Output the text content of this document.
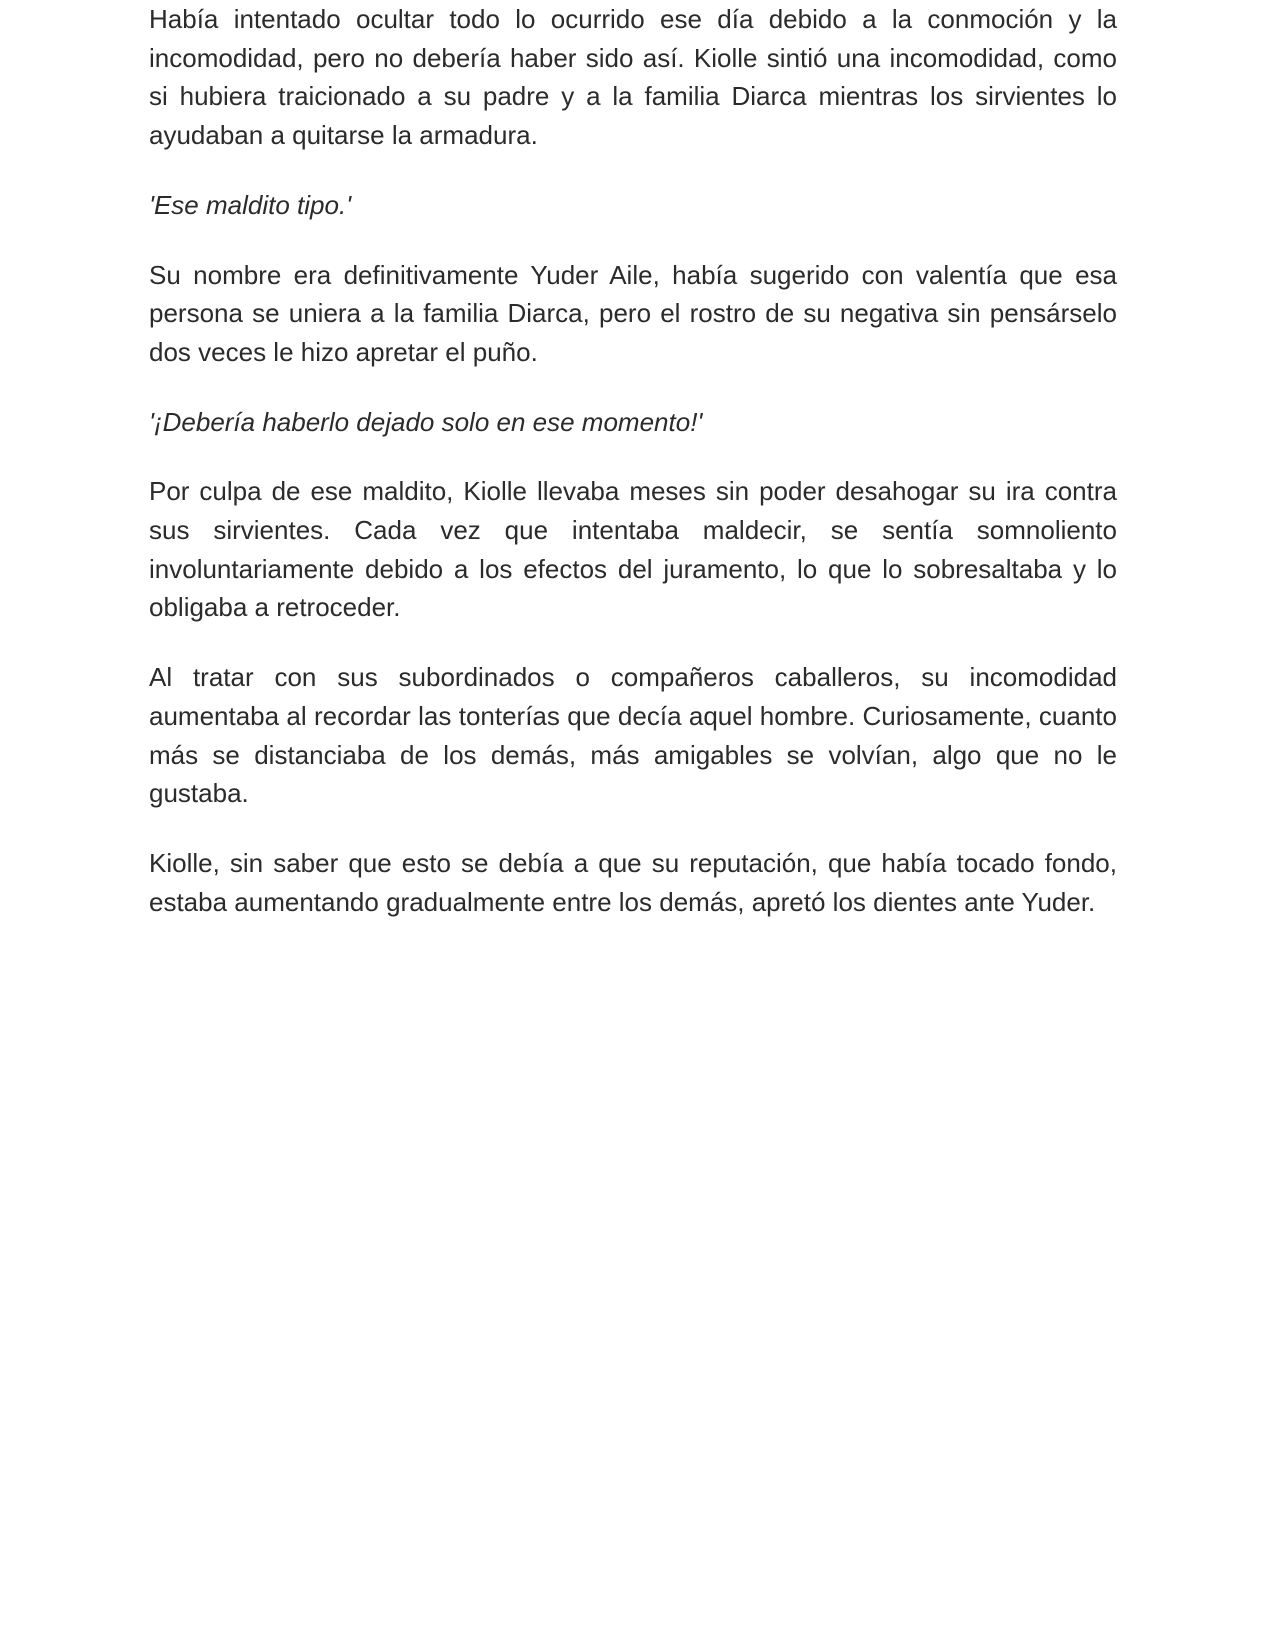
Había intentado ocultar todo lo ocurrido ese día debido a la conmoción y la incomodidad, pero no debería haber sido así. Kiolle sintió una incomodidad, como si hubiera traicionado a su padre y a la familia Diarca mientras los sirvientes lo ayudaban a quitarse la armadura.

'Ese maldito tipo.'

Su nombre era definitivamente Yuder Aile, había sugerido con valentía que esa persona se uniera a la familia Diarca, pero el rostro de su negativa sin pensárselo dos veces le hizo apretar el puño.

'¡Debería haberlo dejado solo en ese momento!'

Por culpa de ese maldito, Kiolle llevaba meses sin poder desahogar su ira contra sus sirvientes. Cada vez que intentaba maldecir, se sentía somnoliento involuntariamente debido a los efectos del juramento, lo que lo sobresaltaba y lo obligaba a retroceder.

Al tratar con sus subordinados o compañeros caballeros, su incomodidad aumentaba al recordar las tonterías que decía aquel hombre. Curiosamente, cuanto más se distanciaba de los demás, más amigables se volvían, algo que no le gustaba.

Kiolle, sin saber que esto se debía a que su reputación, que había tocado fondo, estaba aumentando gradualmente entre los demás, apretó los dientes ante Yuder.
